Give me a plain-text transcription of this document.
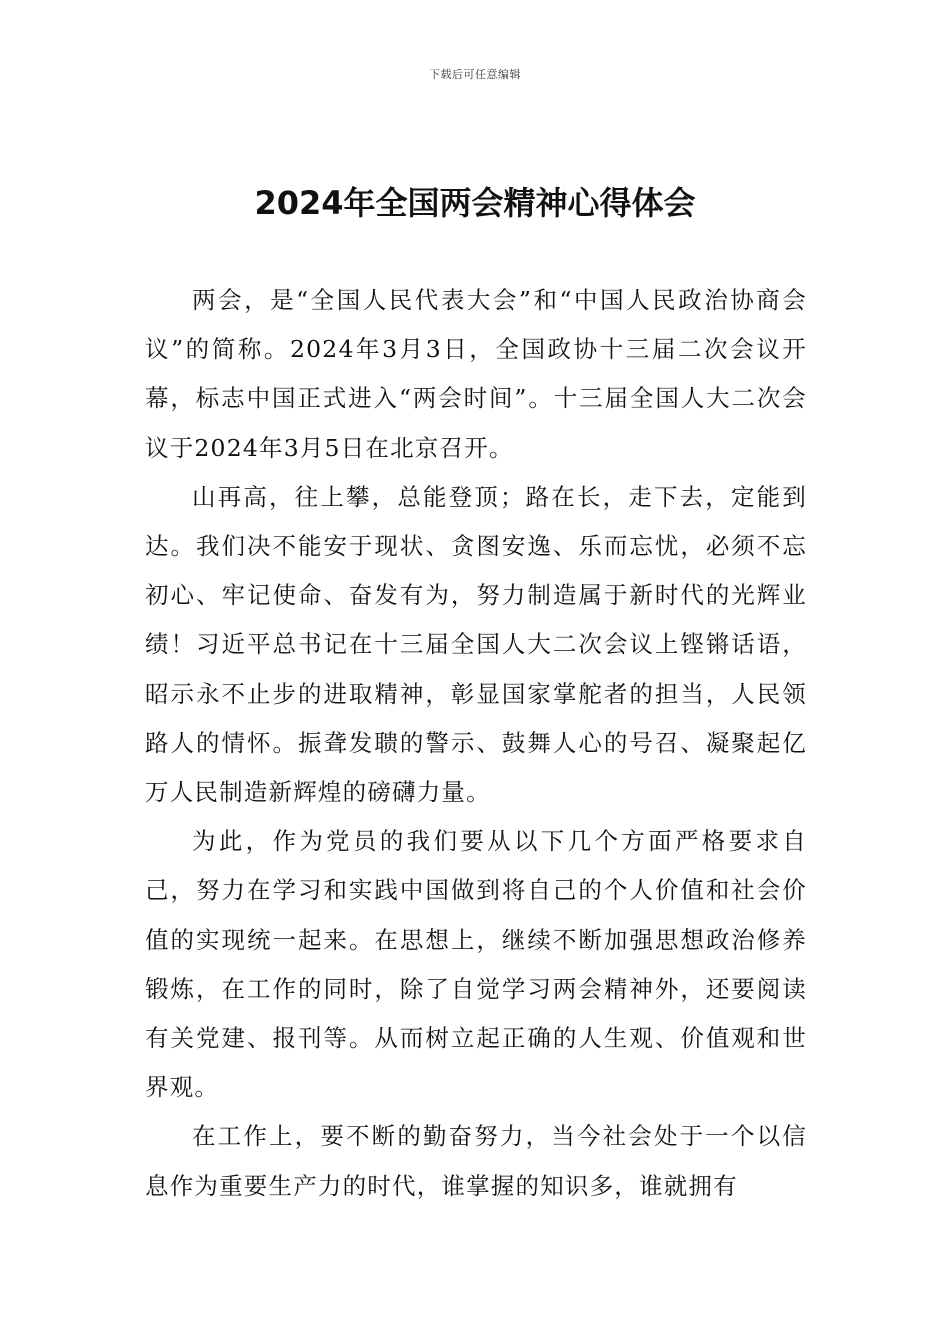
下载后可任意编辑
2024年全国两会精神心得体会

两会，是“全国人民代表大会”和“中国人民政治协商会议”的简称。2024年3月3日，全国政协十三届二次会议开幕，标志中国正式进入“两会时间”。十三届全国人大二次会议于2024年3月5日在北京召开。

山再高，往上攀，总能登顶；路在长，走下去，定能到达。我们决不能安于现状、贪图安逸、乐而忘忧，必须不忘初心、牢记使命、奋发有为，努力制造属于新时代的光辉业绩！习近平总书记在十三届全国人大二次会议上铿锵话语，昭示永不止步的进取精神，彰显国家掌舵者的担当，人民领路人的情怀。振聋发聩的警示、鼓舞人心的号召、凝聚起亿万人民制造新辉煌的磅礴力量。

为此，作为党员的我们要从以下几个方面严格要求自己，努力在学习和实践中国做到将自己的个人价值和社会价值的实现统一起来。在思想上，继续不断加强思想政治修养锻炼，在工作的同时，除了自觉学习两会精神外，还要阅读有关党建、报刊等。从而树立起正确的人生观、价值观和世界观。

在工作上，要不断的勤奋努力，当今社会处于一个以信息作为重要生产力的时代，谁掌握的知识多，谁就拥有
